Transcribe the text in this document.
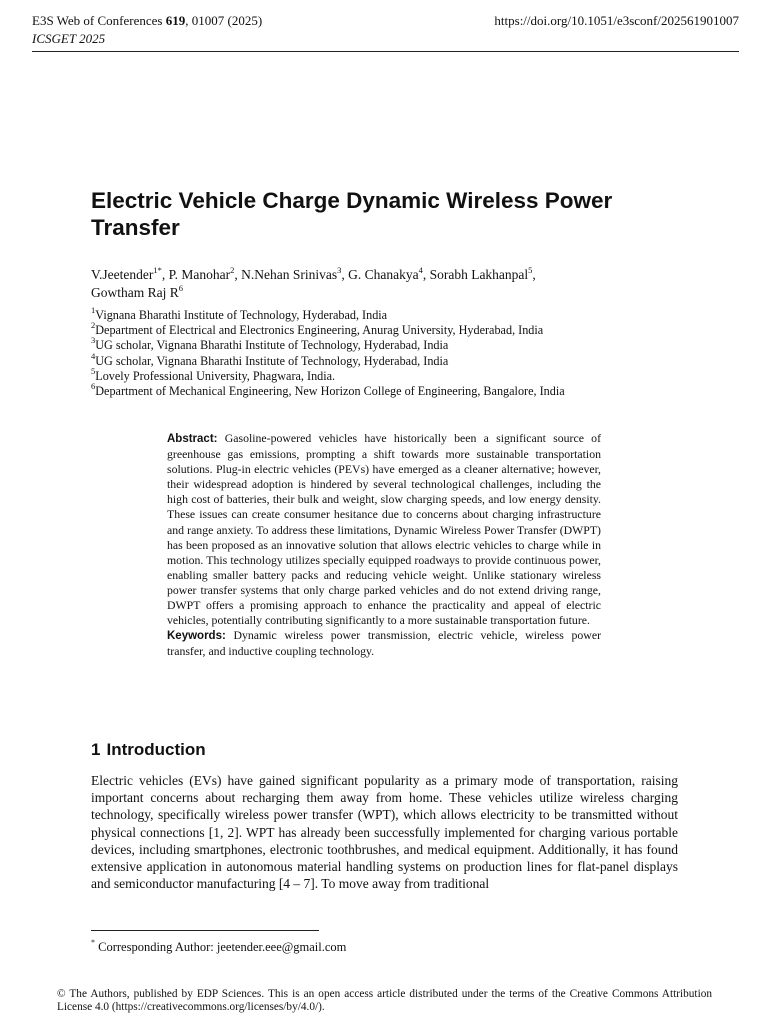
E3S Web of Conferences 619, 01007 (2025)
ICSGET 2025
https://doi.org/10.1051/e3sconf/202561901007
Electric Vehicle Charge Dynamic Wireless Power Transfer
V.Jeetender$^{1*}$, P. Manohar$^2$, N.Nehan Srinivas$^3$, G. Chanakya$^4$, Sorabh Lakhanpal$^5$,
Gowtham Raj $R^6$
$^1$Vignana Bharathi Institute of Technology, Hyderabad, India
$^2$Department of Electrical and Electronics Engineering, Anurag University, Hyderabad, India
$^3$UG scholar, Vignana Bharathi Institute of Technology, Hyderabad, India
$^4$UG scholar, Vignana Bharathi Institute of Technology, Hyderabad, India
$^5$Lovely Professional University, Phagwara, India.
$^6$Department of Mechanical Engineering, New Horizon College of Engineering, Bangalore, India

Abstract: Gasoline-powered vehicles have historically been a significant source of greenhouse gas emissions, prompting a shift towards more sustainable transportation solutions. Plug-in electric vehicles (PEVs) have emerged as a cleaner alternative; however, their widespread adoption is hindered by several technological challenges, including the high cost of batteries, their bulk and weight, slow charging speeds, and low energy density. These issues can create consumer hesitance due to concerns about charging infrastructure and range anxiety. To address these limitations, Dynamic Wireless Power Transfer (DWPT) has been proposed as an innovative solution that allows electric vehicles to charge while in motion. This technology utilizes specially equipped roadways to provide continuous power, enabling smaller battery packs and reducing vehicle weight. Unlike stationary wireless power transfer systems that only charge parked vehicles and do not extend driving range, DWPT offers a promising approach to enhance the practicality and appeal of electric vehicles, potentially contributing significantly to a more sustainable transportation future.

Keywords: Dynamic wireless power transmission, electric vehicle, wireless power transfer, and inductive coupling technology.

1 Introduction

Electric vehicles (EVs) have gained significant popularity as a primary mode of transportation, raising important concerns about recharging them away from home. These vehicles utilize wireless charging technology, specifically wireless power transfer (WPT), which allows electricity to be transmitted without physical connections [1, 2]. WPT has already been successfully implemented for charging various portable devices, including smartphones, electronic toothbrushes, and medical equipment. Additionally, it has found extensive application in autonomous material handling systems on production lines for flat-panel displays and semiconductor manufacturing [4 – 7]. To move away from traditional

* Corresponding Author: jeetender.eee@gmail.com
© The Authors, published by EDP Sciences. This is an open access article distributed under the terms of the Creative Commons Attribution License 4.0 (https://creativecommons.org/licenses/by/4.0/).
